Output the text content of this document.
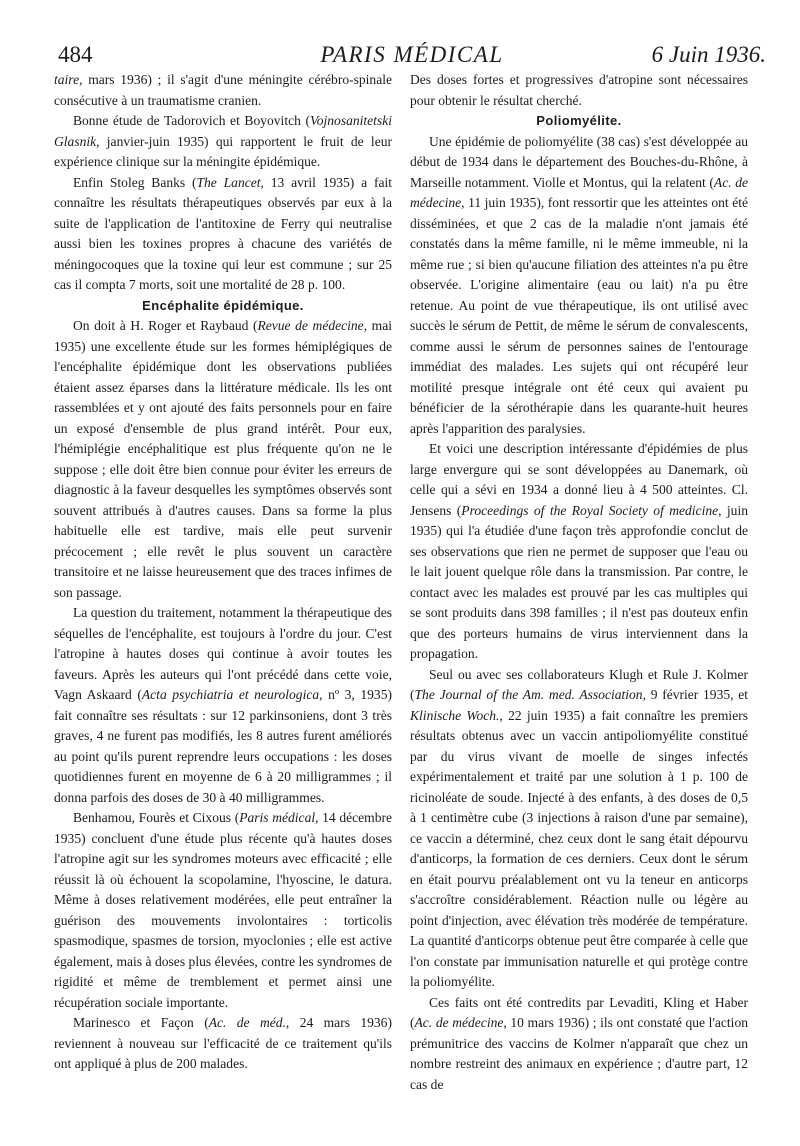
484	PARIS MÉDICAL	6 Juin 1936.

taire, mars 1936) ; il s'agit d'une méningite cérébro-spinale consécutive à un traumatisme cranien.

Bonne étude de Tadorovich et Boyovitch (Vojnosanitetski Glasnik, janvier-juin 1935) qui rapportent le fruit de leur expérience clinique sur la méningite épidémique.

Enfin Stoleg Banks (The Lancet, 13 avril 1935) a fait connaître les résultats thérapeutiques observés par eux à la suite de l'application de l'antitoxine de Ferry qui neutralise aussi bien les toxines propres à chacune des variétés de méningocoques que la toxine qui leur est commune ; sur 25 cas il compta 7 morts, soit une mortalité de 28 p. 100.

Encéphalite épidémique.

On doit à H. Roger et Raybaud (Revue de médecine, mai 1935) une excellente étude sur les formes hémiplégiques de l'encéphalite épidémique dont les observations publiées étaient assez éparses dans la littérature médicale. Ils les ont rassemblées et y ont ajouté des faits personnels pour en faire un exposé d'ensemble de plus grand intérêt. Pour eux, l'hémiplégie encéphalitique est plus fréquente qu'on ne le suppose ; elle doit être bien connue pour éviter les erreurs de diagnostic à la faveur desquelles les symptômes observés sont souvent attribués à d'autres causes. Dans sa forme la plus habituelle elle est tardive, mais elle peut survenir précocement ; elle revêt le plus souvent un caractère transitoire et ne laisse heureusement que des traces infimes de son passage.

La question du traitement, notamment la thérapeutique des séquelles de l'encéphalite, est toujours à l'ordre du jour. C'est l'atropine à hautes doses qui continue à avoir toutes les faveurs. Après les auteurs qui l'ont précédé dans cette voie, Vagn Askaard (Acta psychiatria et neurologica, nº 3, 1935) fait connaître ses résultats : sur 12 parkinsoniens, dont 3 très graves, 4 ne furent pas modifiés, les 8 autres furent améliorés au point qu'ils purent reprendre leurs occupations : les doses quotidiennes furent en moyenne de 6 à 20 milligrammes ; il donna parfois des doses de 30 à 40 milligrammes.

Benhamou, Fourès et Cixous (Paris médical, 14 décembre 1935) concluent d'une étude plus récente qu'à hautes doses l'atropine agit sur les syndromes moteurs avec efficacité ; elle réussit là où échouent la scopolamine, l'hyoscine, le datura. Même à doses relativement modérées, elle peut entraîner la guérison des mouvements involontaires : torticolis spasmodique, spasmes de torsion, myoclonies ; elle est active également, mais à doses plus élevées, contre les syndromes de rigidité et même de tremblement et permet ainsi une récupération sociale importante.

Marinesco et Façon (Ac. de méd., 24 mars 1936) reviennent à nouveau sur l'efficacité de ce traitement qu'ils ont appliqué à plus de 200 malades.

Des doses fortes et progressives d'atropine sont nécessaires pour obtenir le résultat cherché.

Poliomyélite.

Une épidémie de poliomyélite (38 cas) s'est développée au début de 1934 dans le département des Bouches-du-Rhône, à Marseille notamment. Violle et Montus, qui la relatent (Ac. de médecine, 11 juin 1935), font ressortir que les atteintes ont été disséminées, et que 2 cas de la maladie n'ont jamais été constatés dans la même famille, ni le même immeuble, ni la même rue ; si bien qu'aucune filiation des atteintes n'a pu être observée. L'origine alimentaire (eau ou lait) n'a pu être retenue. Au point de vue thérapeutique, ils ont utilisé avec succès le sérum de Pettit, de même le sérum de convalescents, comme aussi le sérum de personnes saines de l'entourage immédiat des malades. Les sujets qui ont récupéré leur motilité presque intégrale ont été ceux qui avaient pu bénéficier de la sérothérapie dans les quarante-huit heures après l'apparition des paralysies.

Et voici une description intéressante d'épidémies de plus large envergure qui se sont développées au Danemark, où celle qui a sévi en 1934 a donné lieu à 4 500 atteintes. Cl. Jensens (Proceedings of the Royal Society of medicine, juin 1935) qui l'a étudiée d'une façon très approfondie conclut de ses observations que rien ne permet de supposer que l'eau ou le lait jouent quelque rôle dans la transmission. Par contre, le contact avec les malades est prouvé par les cas multiples qui se sont produits dans 398 familles ; il n'est pas douteux enfin que des porteurs humains de virus interviennent dans la propagation.

Seul ou avec ses collaborateurs Klugh et Rule J. Kolmer (The Journal of the Am. med. Association, 9 février 1935, et Klinische Woch., 22 juin 1935) a fait connaître les premiers résultats obtenus avec un vaccin antipoliomyélite constitué par du virus vivant de moelle de singes infectés expérimentalement et traité par une solution à 1 p. 100 de ricinoléate de soude. Injecté à des enfants, à des doses de 0,5 à 1 centimètre cube (3 injections à raison d'une par semaine), ce vaccin a déterminé, chez ceux dont le sang était dépourvu d'anticorps, la formation de ces derniers. Ceux dont le sérum en était pourvu préalablement ont vu la teneur en anticorps s'accroître considérablement. Réaction nulle ou légère au point d'injection, avec élévation très modérée de température. La quantité d'anticorps obtenue peut être comparée à celle que l'on constate par immunisation naturelle et qui protège contre la poliomyélite.

Ces faits ont été contredits par Levaditi, Kling et Haber (Ac. de médecine, 10 mars 1936) ; ils ont constaté que l'action prémunitrice des vaccins de Kolmer n'apparaît que chez un nombre restreint des animaux en expérience ; d'autre part, 12 cas de
